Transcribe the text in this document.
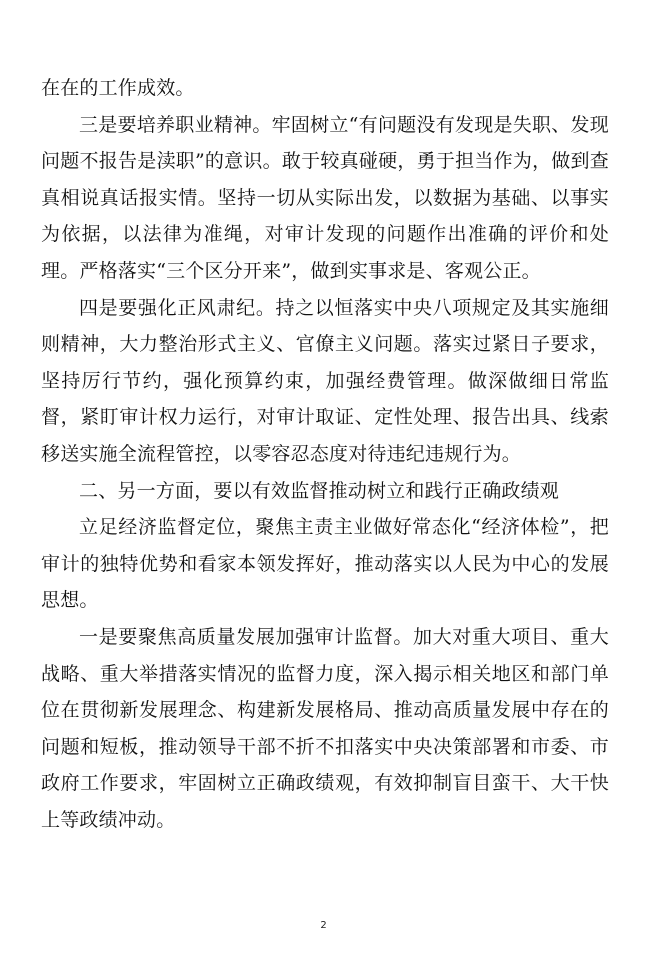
在在的工作成效。

三是要培养职业精神。牢固树立“有问题没有发现是失职、发现问题不报告是渎职”的意识。敢于较真碰硬，勇于担当作为，做到查真相说真话报实情。坚持一切从实际出发，以数据为基础、以事实为依据，以法律为准绳，对审计发现的问题作出准确的评价和处理。严格落实“三个区分开来”，做到实事求是、客观公正。

四是要强化正风肃纪。持之以恒落实中央八项规定及其实施细则精神，大力整治形式主义、官僚主义问题。落实过紧日子要求，坚持厉行节约，强化预算约束，加强经费管理。做深做细日常监督，紧盯审计权力运行，对审计取证、定性处理、报告出具、线索移送实施全流程管控，以零容忍态度对待违纪违规行为。

二、另一方面，要以有效监督推动树立和践行正确政绩观

立足经济监督定位，聚焦主责主业做好常态化“经济体检”，把审计的独特优势和看家本领发挥好，推动落实以人民为中心的发展思想。

一是要聚焦高质量发展加强审计监督。加大对重大项目、重大战略、重大举措落实情况的监督力度，深入揭示相关地区和部门单位在贯彻新发展理念、构建新发展格局、推动高质量发展中存在的问题和短板，推动领导干部不折不扣落实中央决策部署和市委、市政府工作要求，牢固树立正确政绩观，有效抑制盲目蛮干、大干快上等政绩冲动。

2
